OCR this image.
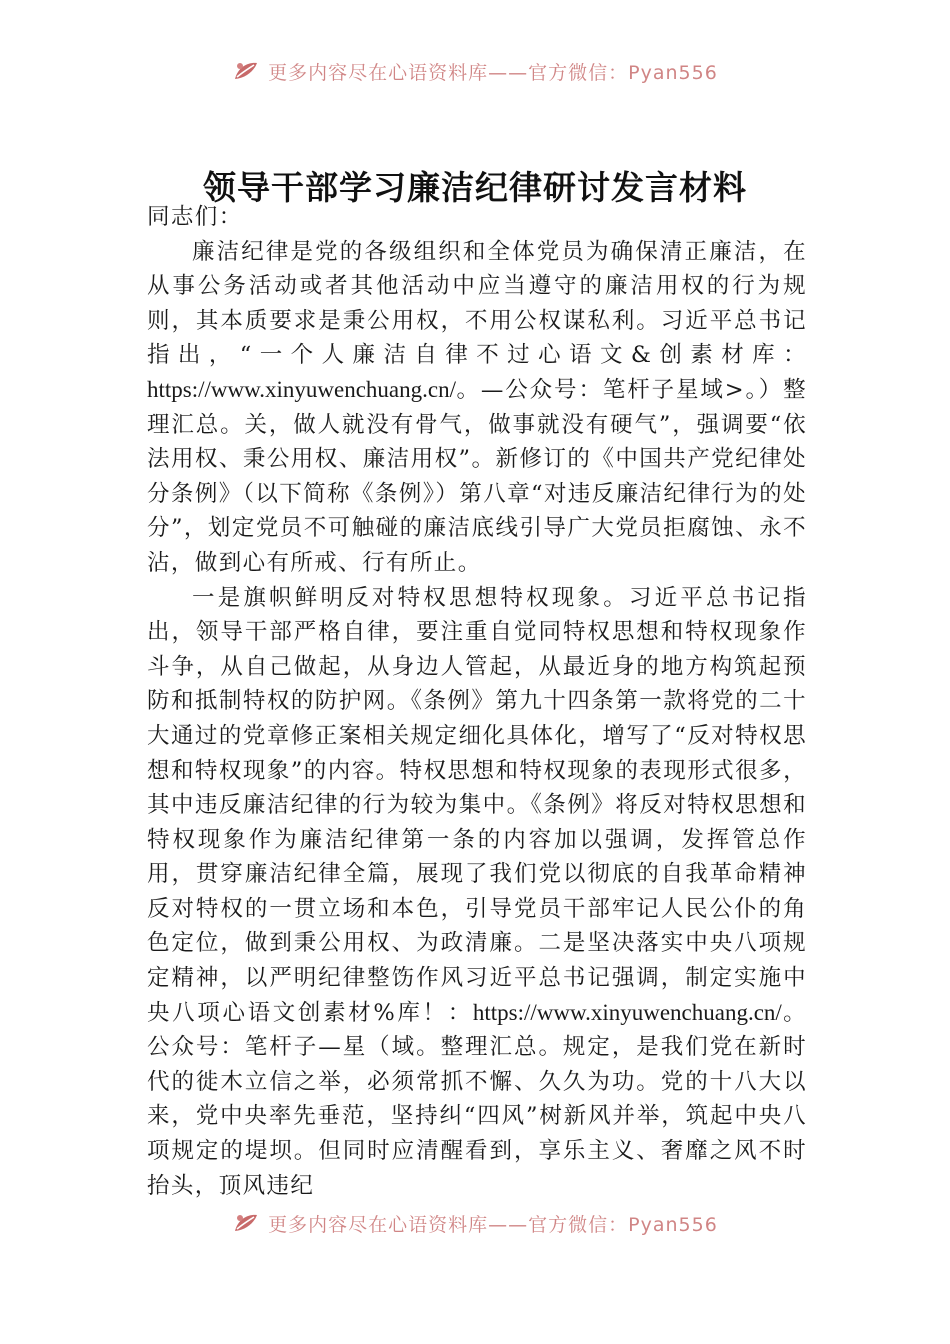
更多内容尽在心语资料库——官方微信：Pyan556
领导干部学习廉洁纪律研讨发言材料

同志们：

廉洁纪律是党的各级组织和全体党员为确保清正廉洁，在从事公务活动或者其他活动中应当遵守的廉洁用权的行为规则，其本质要求是秉公用权，不用公权谋私利。习近平总书记指出，“一个人廉洁自律不过心语文&创素材库：https://www.xinyuwenchuang.cn/。—公众号：笔杆子星域>。）整理汇总。关，做人就没有骨气，做事就没有硬气”，强调要“依法用权、秉公用权、廉洁用权”。新修订的《中国共产党纪律处分条例》（以下简称《条例》）第八章“对违反廉洁纪律行为的处分”，划定党员不可触碰的廉洁底线引导广大党员拒腐蚀、永不沾，做到心有所戒、行有所止。

一是旗帜鲜明反对特权思想特权现象。习近平总书记指出，领导干部严格自律，要注重自觉同特权思想和特权现象作斗争，从自己做起，从身边人管起，从最近身的地方构筑起预防和抵制特权的防护网。《条例》第九十四条第一款将党的二十大通过的党章修正案相关规定细化具体化，增写了“反对特权思想和特权现象”的内容。特权思想和特权现象的表现形式很多，其中违反廉洁纪律的行为较为集中。《条例》将反对特权思想和特权现象作为廉洁纪律第一条的内容加以强调，发挥管总作用，贯穿廉洁纪律全篇，展现了我们党以彻底的自我革命精神反对特权的一贯立场和本色，引导党员干部牢记人民公仆的角色定位，做到秉公用权、为政清廉。二是坚决落实中央八项规定精神，以严明纪律整饬作风习近平总书记强调，制定实施中央八项心语文创素材%库！：https://www.xinyuwenchuang.cn/。公众号：笔杆子—星（域。整理汇总。规定，是我们党在新时代的徙木立信之举，必须常抓不懈、久久为功。党的十八大以来，党中央率先垂范，坚持纠“四风”树新风并举，筑起中央八项规定的堤坝。但同时应清醒看到，享乐主义、奢靡之风不时抬头，顶风违纪

更多内容尽在心语资料库——官方微信：Pyan556
